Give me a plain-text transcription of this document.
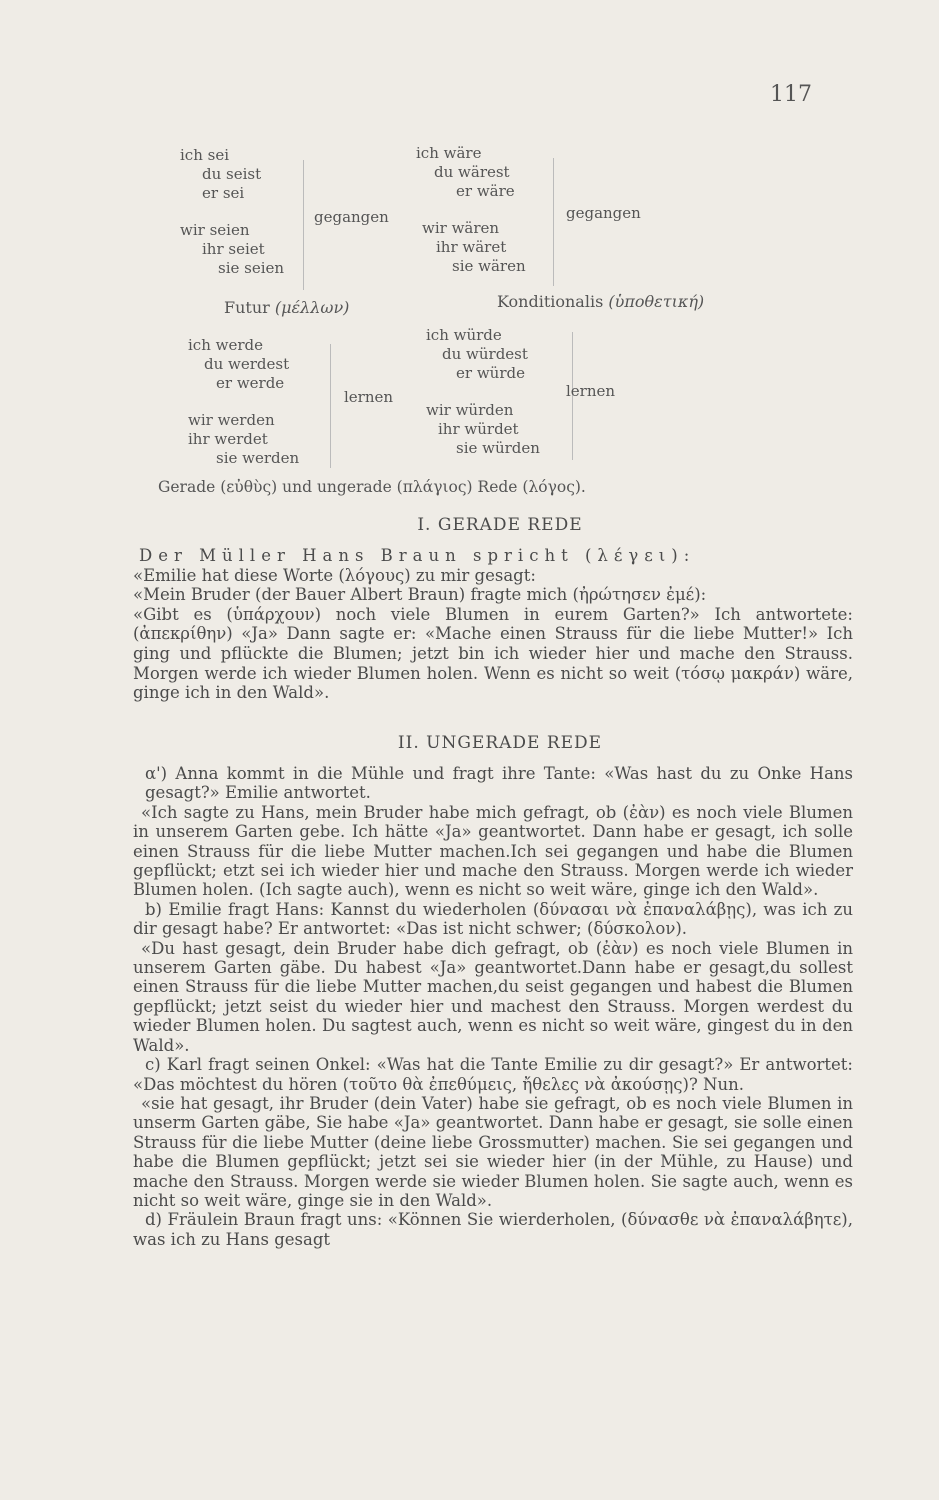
117
ich sei
du seist
er sei
wir seien
ihr seiet
sie seien
gegangen
ich wäre
du wärest
er wäre
wir wären
ihr wäret
sie wären
gegangen
Futur (μέλλων)	Konditionalis (ὑποθετική)
ich werde
du werdest
er werde
wir werden
ihr werdet
sie werden
lernen
ich würde
du würdest
er würde
wir würden
ihr würdet
sie würden
lernen
Gerade (εὐθὺς) und ungerade (πλάγιος) Rede (λόγος).
I. GERADE REDE

Der Müller Hans Braun spricht (λέγει):

«Emilie hat diese Worte (λόγους) zu mir gesagt:

«Mein Bruder (der Bauer Albert Braun) fragte mich (ἠρώτησεν ἐμέ):

«Gibt es (ὑπάρχουν) noch viele Blumen in eurem Garten?» Ich antwortete: (ἀπεκρίθην) «Ja» Dann sagte er: «Mache einen Strauss für die liebe Mutter!» Ich ging und pflückte die Blumen; jetzt bin ich wieder hier und mache den Strauss. Morgen werde ich wieder Blumen holen. Wenn es nicht so weit (τόσῳ μακράν) wäre, ginge ich in den Wald».

II. UNGERADE REDE

α') Anna kommt in die Mühle und fragt ihre Tante: «Was hast du zu Onke Hans gesagt?» Emilie antwortet.

«Ich sagte zu Hans, mein Bruder habe mich gefragt, ob (ἐὰν) es noch viele Blumen in unserem Garten gebe. Ich hätte «Ja» geantwortet. Dann habe er gesagt, ich solle einen Strauss für die liebe Mutter machen.Ich sei gegangen und habe die Blumen gepflückt; etzt sei ich wieder hier und mache den Strauss. Morgen werde ich wieder Blumen holen. (Ich sagte auch), wenn es nicht so weit wäre, ginge ich den Wald».

b) Emilie fragt Hans: Kannst du wiederholen (δύνασαι νὰ ἐπαναλάβῃς), was ich zu dir gesagt habe? Er antwortet: «Das ist nicht schwer; (δύσκολον).

«Du hast gesagt, dein Bruder habe dich gefragt, ob (ἐὰν) es noch viele Blumen in unserem Garten gäbe. Du habest «Ja» geantwortet.Dann habe er gesagt,du sollest einen Strauss für die liebe Mutter machen,du seist gegangen und habest die Blumen gepflückt; jetzt seist du wieder hier und machest den Strauss. Morgen werdest du wieder Blumen holen. Du sagtest auch, wenn es nicht so weit wäre, gingest du in den Wald».

c) Karl fragt seinen Onkel: «Was hat die Tante Emilie zu dir gesagt?» Er antwortet: «Das möchtest du hören (τοῦτο θὰ ἐπεθύμεις, ἤθελες νὰ ἀκούσῃς)? Nun.

«sie hat gesagt, ihr Bruder (dein Vater) habe sie gefragt, ob es noch viele Blumen in unserm Garten gäbe, Sie habe «Ja» geantwortet. Dann habe er gesagt, sie solle einen Strauss für die liebe Mutter (deine liebe Grossmutter) machen. Sie sei gegangen und habe die Blumen gepflückt; jetzt sei sie wieder hier (in der Mühle, zu Hause) und mache den Strauss. Morgen werde sie wieder Blumen holen. Sie sagte auch, wenn es nicht so weit wäre, ginge sie in den Wald».

d) Fräulein Braun fragt uns: «Können Sie wierderholen, (δύνασθε νὰ ἐπαναλάβητε), was ich zu Hans gesagt
